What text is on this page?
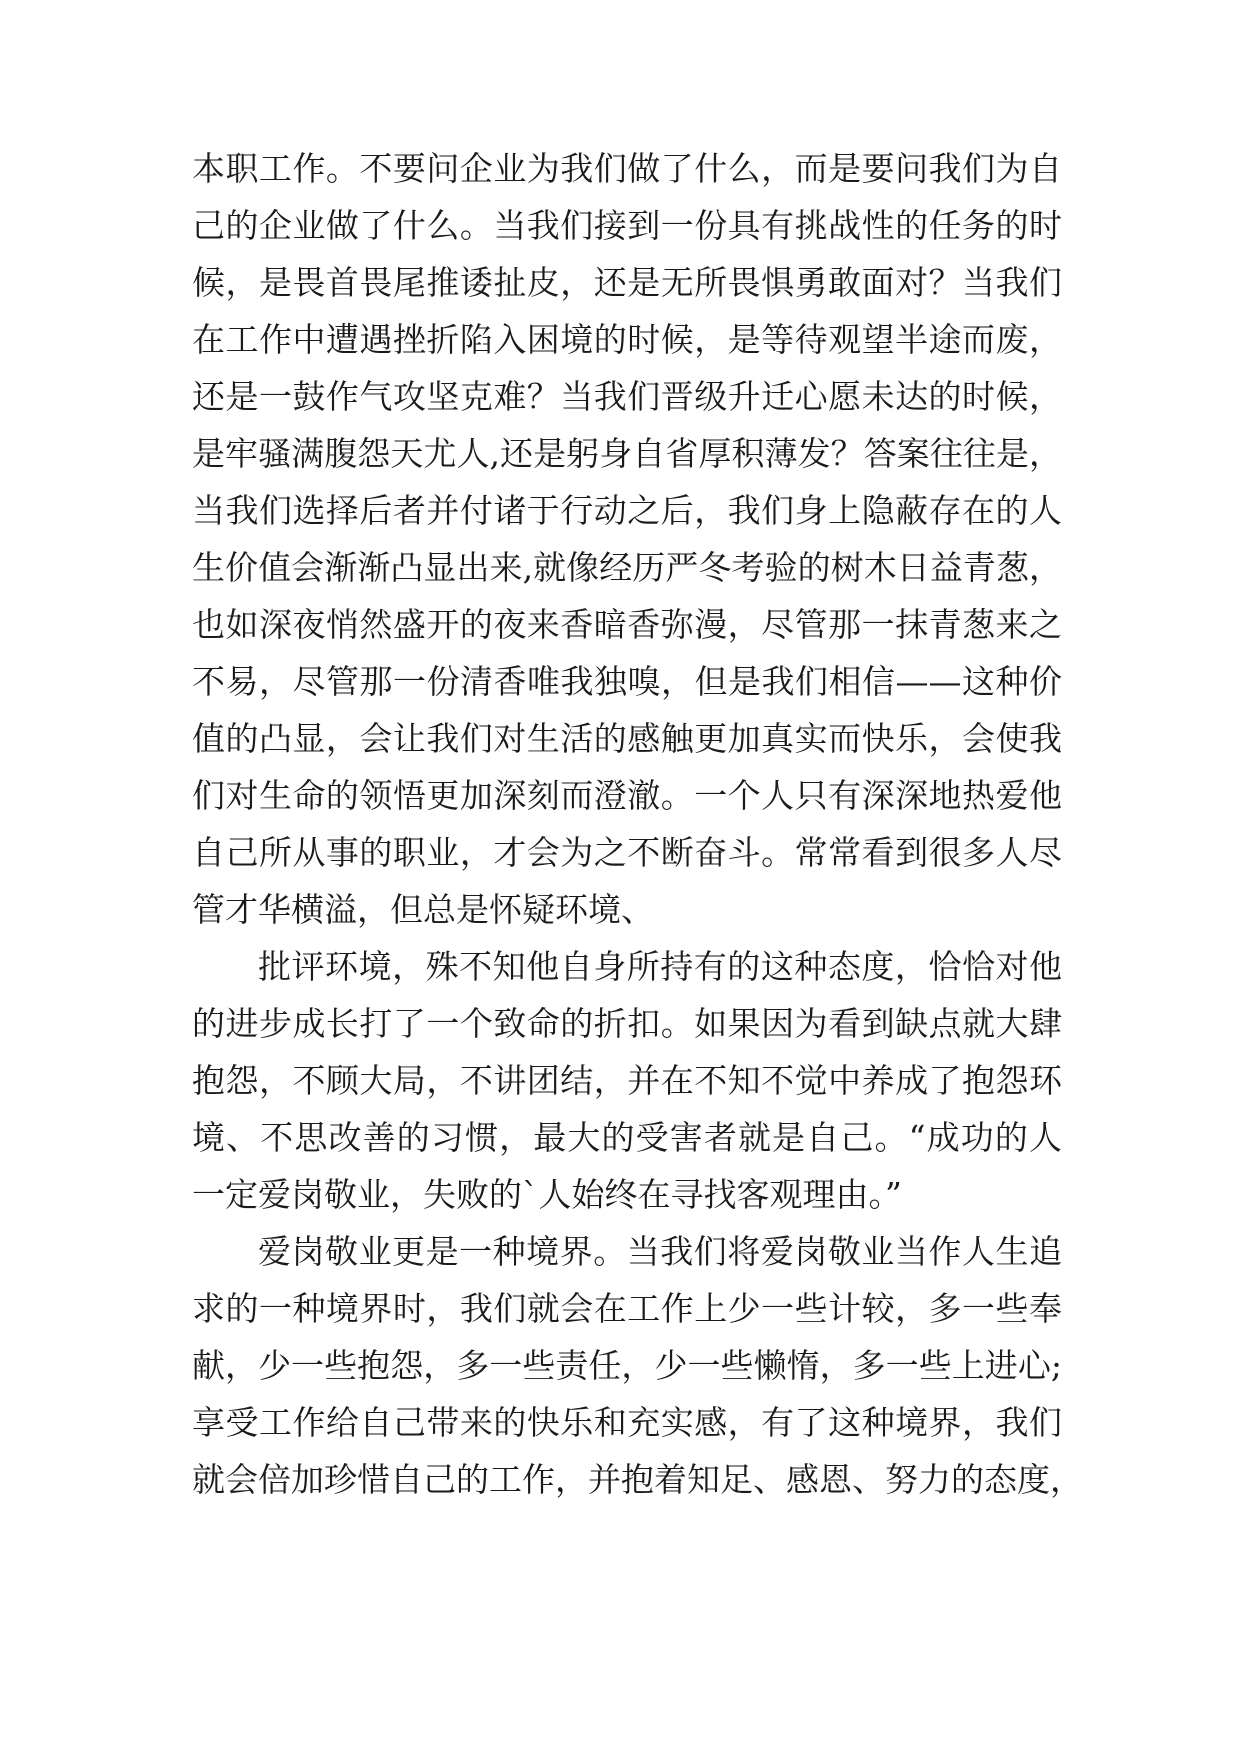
本职工作。不要问企业为我们做了什么，而是要问我们为自
己的企业做了什么。当我们接到一份具有挑战性的任务的时
候，是畏首畏尾推诿扯皮，还是无所畏惧勇敢面对？当我们
在工作中遭遇挫折陷入困境的时候，是等待观望半途而废，
还是一鼓作气攻坚克难？当我们晋级升迁心愿未达的时候，
是牢骚满腹怨天尤人,还是躬身自省厚积薄发？答案往往是，
当我们选择后者并付诸于行动之后，我们身上隐蔽存在的人
生价值会渐渐凸显出来,就像经历严冬考验的树木日益青葱，
也如深夜悄然盛开的夜来香暗香弥漫，尽管那一抹青葱来之
不易，尽管那一份清香唯我独嗅，但是我们相信——这种价
值的凸显，会让我们对生活的感触更加真实而快乐，会使我
们对生命的领悟更加深刻而澄澈。一个人只有深深地热爱他
自己所从事的职业，才会为之不断奋斗。常常看到很多人尽
管才华横溢，但总是怀疑环境、
批评环境，殊不知他自身所持有的这种态度，恰恰对他
的进步成长打了一个致命的折扣。如果因为看到缺点就大肆
抱怨，不顾大局，不讲团结，并在不知不觉中养成了抱怨环
境、不思改善的习惯，最大的受害者就是自己。“成功的人
一定爱岗敬业，失败的`人始终在寻找客观理由。”
爱岗敬业更是一种境界。当我们将爱岗敬业当作人生追
求的一种境界时，我们就会在工作上少一些计较，多一些奉
献，少一些抱怨，多一些责任，少一些懒惰，多一些上进心;
享受工作给自己带来的快乐和充实感，有了这种境界，我们
就会倍加珍惜自己的工作，并抱着知足、感恩、努力的态度，
